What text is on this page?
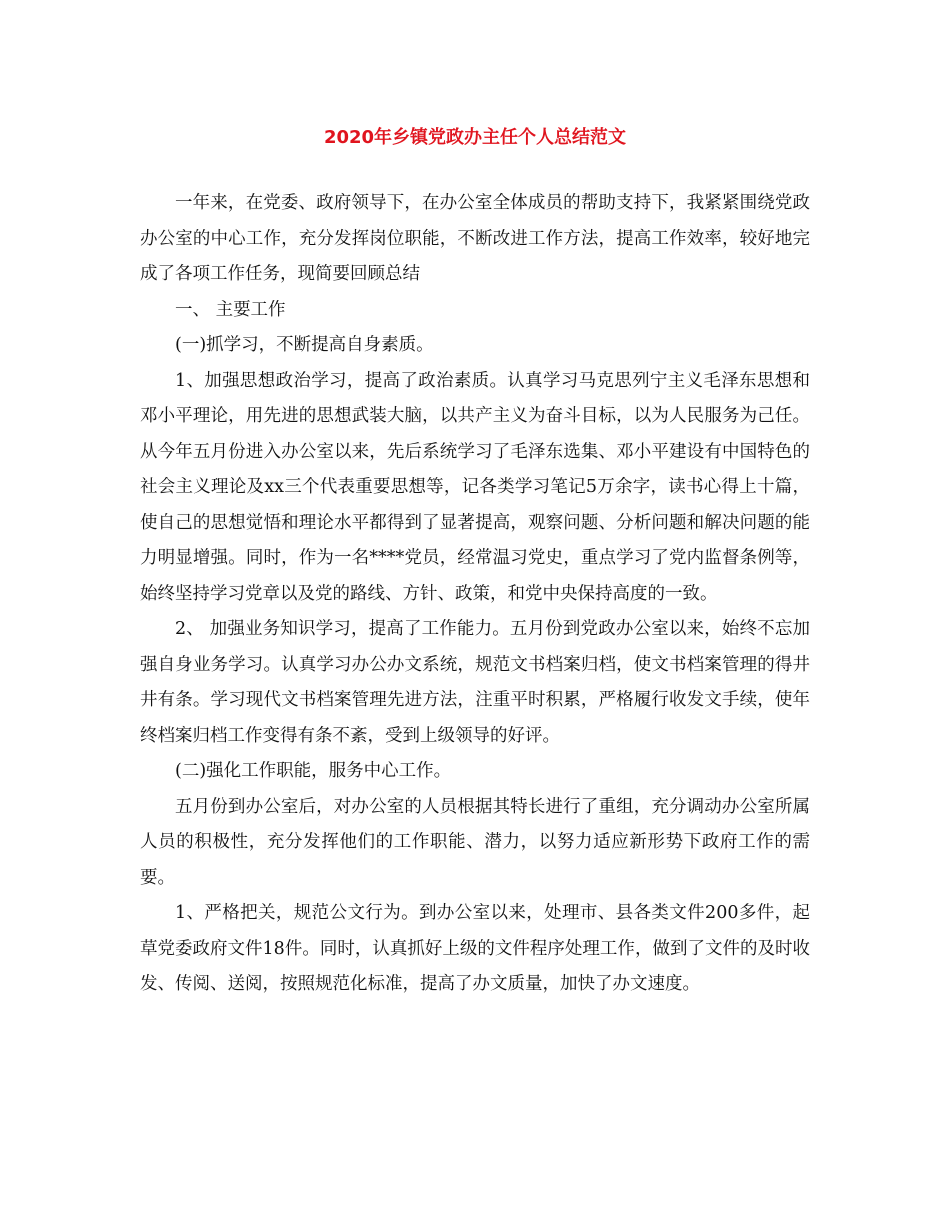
2020年乡镇党政办主任个人总结范文

一年来，在党委、政府领导下，在办公室全体成员的帮助支持下，我紧紧围绕党政办公室的中心工作，充分发挥岗位职能，不断改进工作方法，提高工作效率，较好地完成了各项工作任务，现简要回顾总结

一、 主要工作

(一)抓学习，不断提高自身素质。

1、加强思想政治学习，提高了政治素质。认真学习马克思列宁主义毛泽东思想和邓小平理论，用先进的思想武装大脑，以共产主义为奋斗目标，以为人民服务为己任。从今年五月份进入办公室以来，先后系统学习了毛泽东选集、邓小平建设有中国特色的社会主义理论及xx三个代表重要思想等，记各类学习笔记5万余字，读书心得上十篇，使自己的思想觉悟和理论水平都得到了显著提高，观察问题、分析问题和解决问题的能力明显增强。同时，作为一名****党员，经常温习党史，重点学习了党内监督条例等，始终坚持学习党章以及党的路线、方针、政策，和党中央保持高度的一致。

2、 加强业务知识学习，提高了工作能力。五月份到党政办公室以来，始终不忘加强自身业务学习。认真学习办公办文系统，规范文书档案归档，使文书档案管理的得井井有条。学习现代文书档案管理先进方法，注重平时积累，严格履行收发文手续，使年终档案归档工作变得有条不紊，受到上级领导的好评。

(二)强化工作职能，服务中心工作。

五月份到办公室后，对办公室的人员根据其特长进行了重组，充分调动办公室所属人员的积极性，充分发挥他们的工作职能、潜力，以努力适应新形势下政府工作的需要。

1、严格把关，规范公文行为。到办公室以来，处理市、县各类文件200多件，起草党委政府文件18件。同时，认真抓好上级的文件程序处理工作，做到了文件的及时收发、传阅、送阅，按照规范化标准，提高了办文质量，加快了办文速度。
